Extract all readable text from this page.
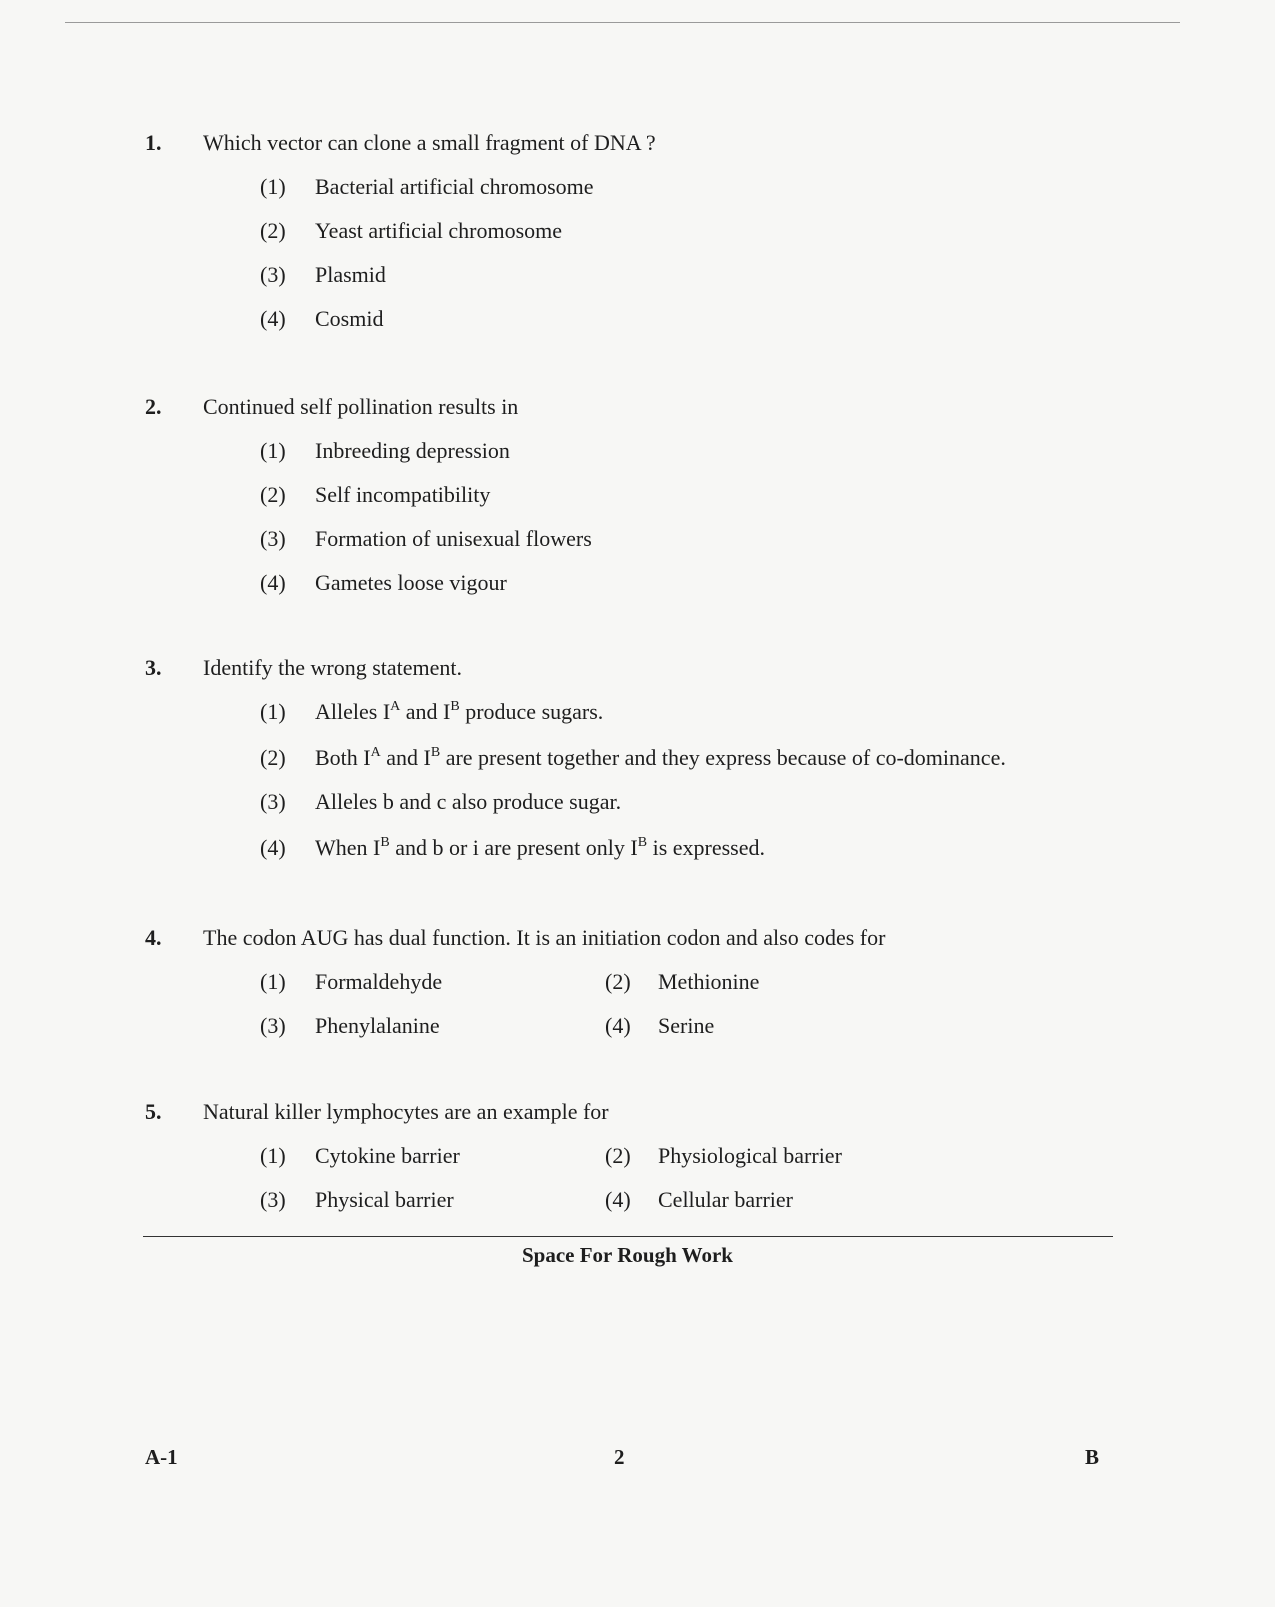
1. Which vector can clone a small fragment of DNA ?
(1) Bacterial artificial chromosome
(2) Yeast artificial chromosome
(3) Plasmid
(4) Cosmid
2. Continued self pollination results in
(1) Inbreeding depression
(2) Self incompatibility
(3) Formation of unisexual flowers
(4) Gametes loose vigour
3. Identify the wrong statement.
(1) Alleles $I^A$ and $I^B$ produce sugars.
(2) Both $I^A$ and $I^B$ are present together and they express because of co-dominance.
(3) Alleles b and c also produce sugar.
(4) When $I^B$ and b or i are present only $I^B$ is expressed.
4. The codon AUG has dual function. It is an initiation codon and also codes for
(1) Formaldehyde	(2) Methionine
(3) Phenylalanine	(4) Serine
5. Natural killer lymphocytes are an example for
(1) Cytokine barrier	(2) Physiological barrier
(3) Physical barrier	(4) Cellular barrier
Space For Rough Work
A-1	2	B
